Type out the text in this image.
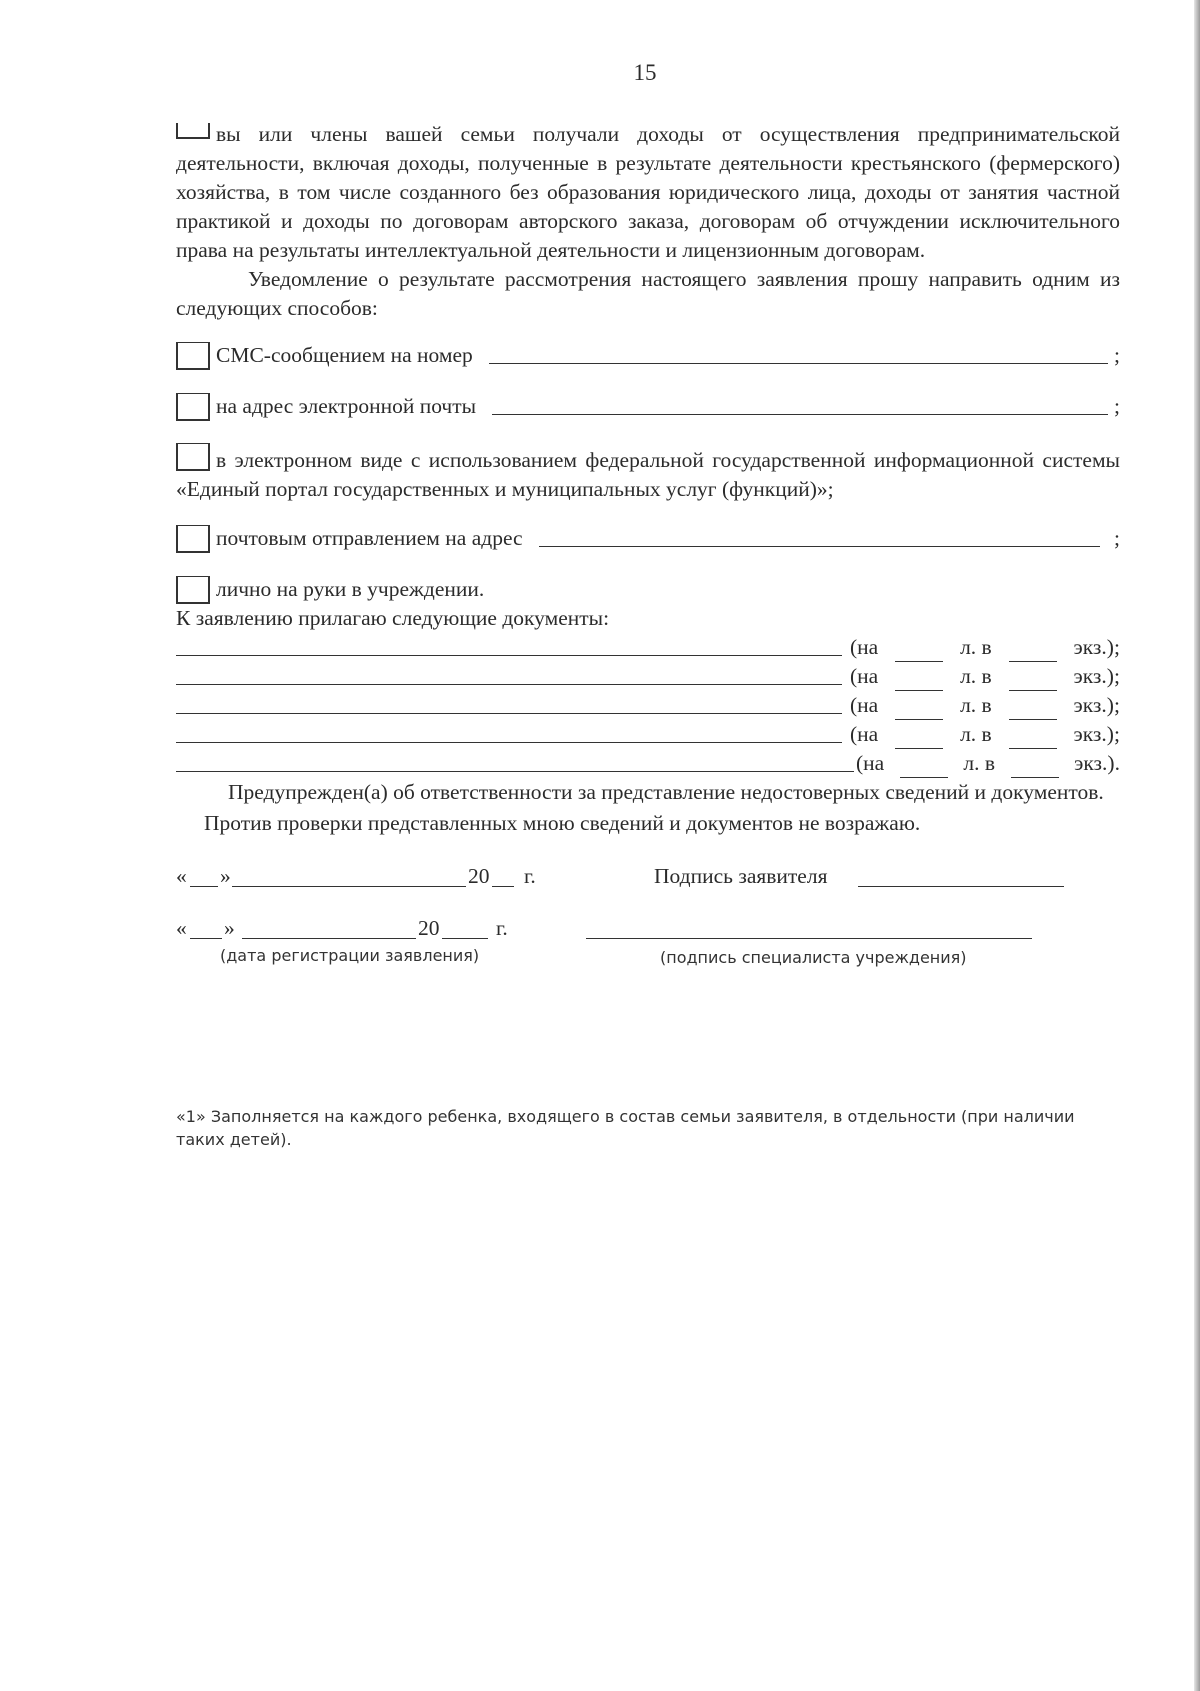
15

вы или члены вашей семьи получали доходы от осуществления предпринимательской деятельности, включая доходы, полученные в результате деятельности крестьянского (фермерского) хозяйства, в том числе созданного без образования юридического лица, доходы от занятия частной практикой и доходы по договорам авторского заказа, договорам об отчуждении исключительного права на результаты интеллектуальной деятельности и лицензионным договорам.

Уведомление о результате рассмотрения настоящего заявления прошу направить одним из следующих способов:

СМС-сообщением на номер	;
на адрес электронной почты	;

в электронном виде с использованием федеральной государственной информационной системы «Единый портал государственных и муниципальных услуг (функций)»;

почтовым отправлением на адрес	;
лично на руки в учреждении.
К заявлению прилагаю следующие документы:
(на	л. в	экз.);
(на	л. в	экз.);
(на	л. в	экз.);
(на	л. в	экз.);
(на	л. в	экз.).

Предупрежден(а) об ответственности за представление недостоверных сведений и документов.

Против проверки представленных мною сведений и документов не возражаю.

« »	20 г.	Подпись заявителя
« »	20	г.
(дата регистрации заявления)	(подпись специалиста учреждения)
«1» Заполняется на каждого ребенка, входящего в состав семьи заявителя, в отдельности (при наличии таких детей).
